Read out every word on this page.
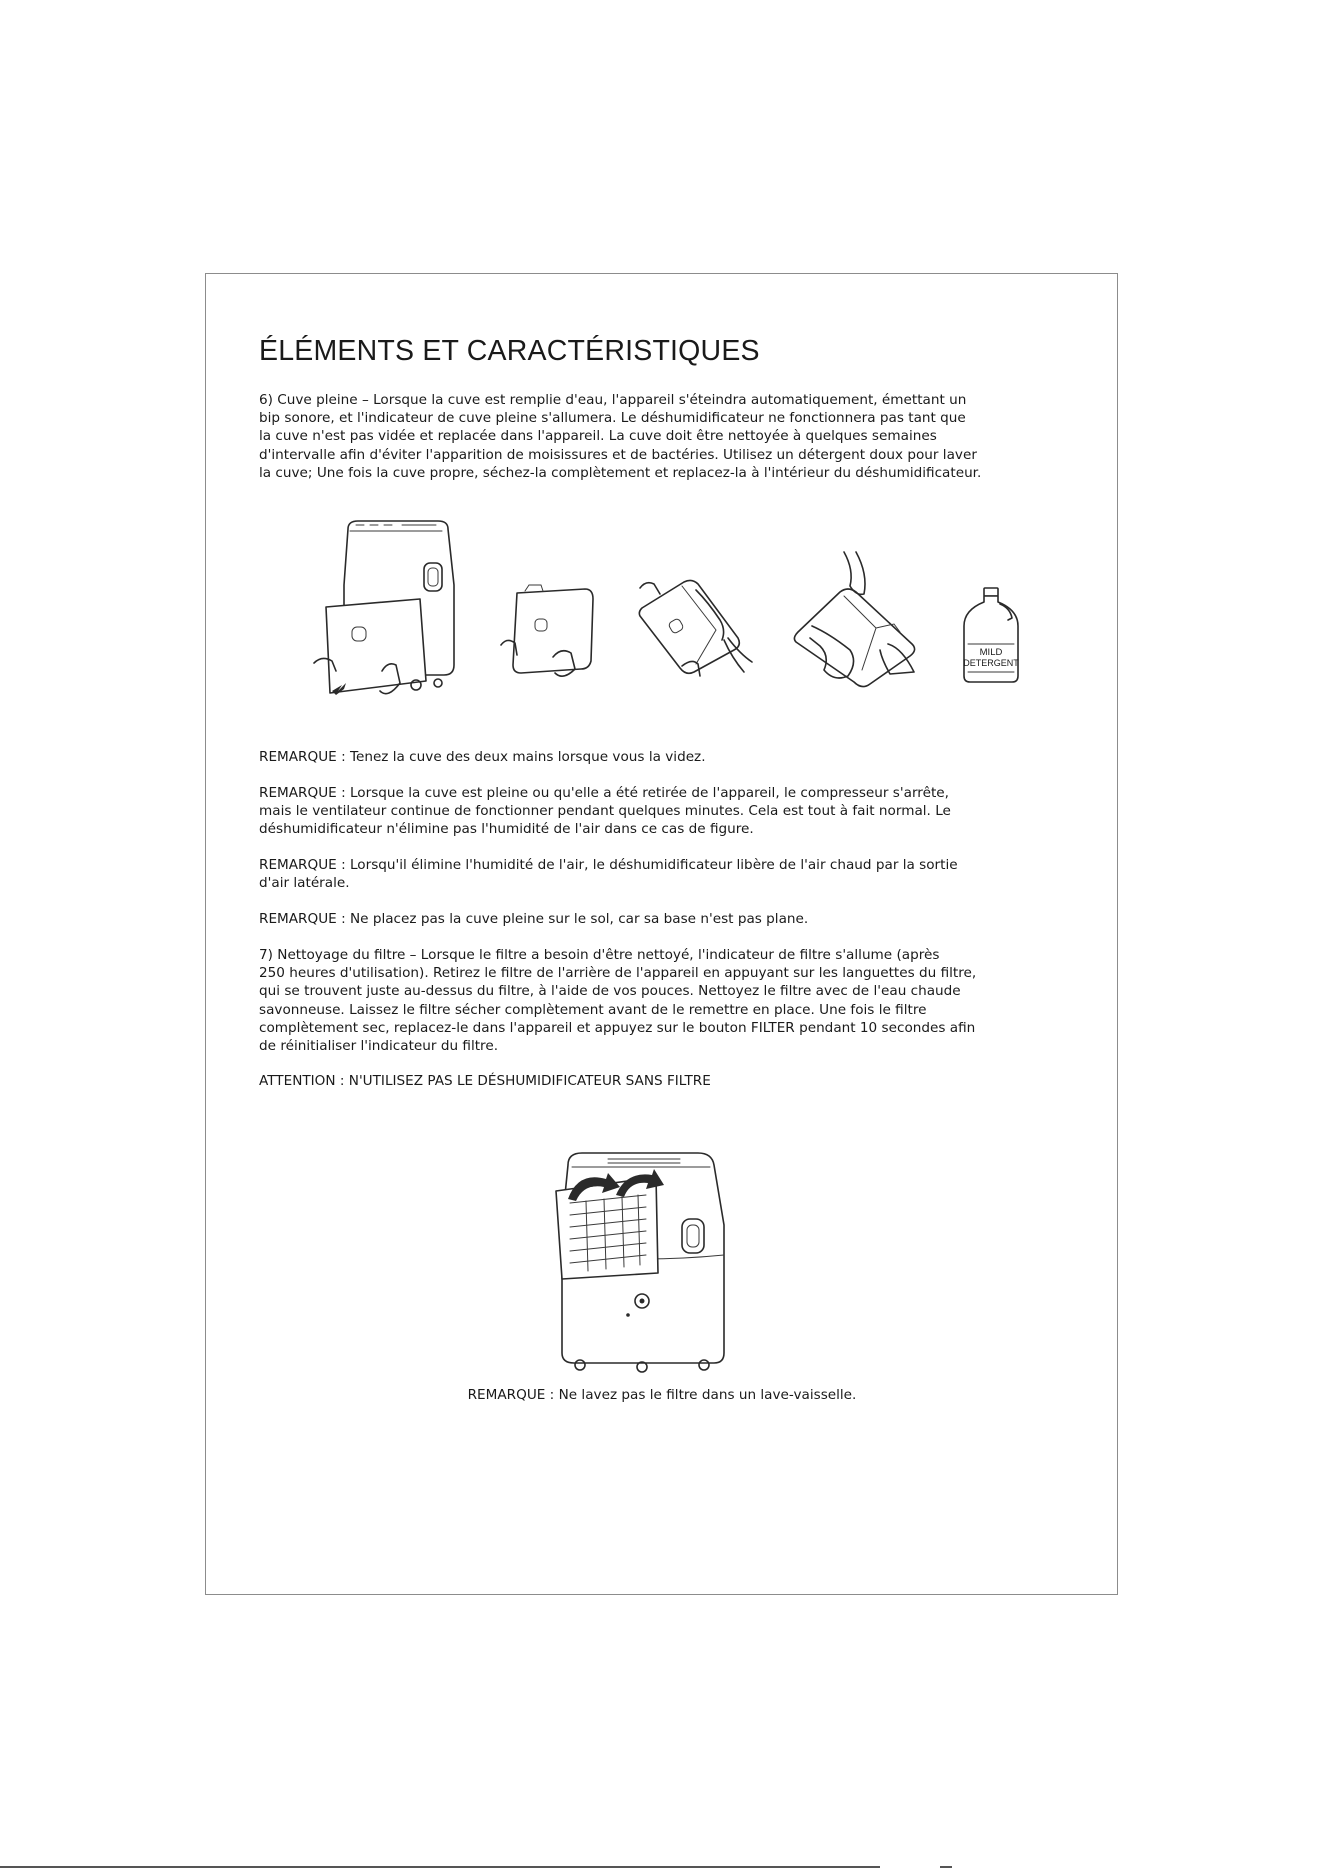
ÉLÉMENTS ET CARACTÉRISTIQUES

6) Cuve pleine – Lorsque la cuve est remplie d'eau, l'appareil s'éteindra automatiquement, émettant un
bip sonore, et l'indicateur de cuve pleine s'allumera. Le déshumidificateur ne fonctionnera pas tant que
la cuve n'est pas vidée et replacée dans l'appareil. La cuve doit être nettoyée à quelques semaines
d'intervalle afin d'éviter l'apparition de moisissures et de bactéries. Utilisez un détergent doux pour laver
la cuve; Une fois la cuve propre, séchez-la complètement et replacez-la à l'intérieur du déshumidificateur.

MILD
DETERGENT

REMARQUE : Tenez la cuve des deux mains lorsque vous la videz.

REMARQUE : Lorsque la cuve est pleine ou qu'elle a été retirée de l'appareil, le compresseur s'arrête,
mais le ventilateur continue de fonctionner pendant quelques minutes. Cela est tout à fait normal. Le
déshumidificateur n'élimine pas l'humidité de l'air dans ce cas de figure.

REMARQUE : Lorsqu'il élimine l'humidité de l'air, le déshumidificateur libère de l'air chaud par la sortie
d'air latérale.

REMARQUE : Ne placez pas la cuve pleine sur le sol, car sa base n'est pas plane.

7) Nettoyage du filtre – Lorsque le filtre a besoin d'être nettoyé, l'indicateur de filtre s'allume (après
250 heures d'utilisation). Retirez le filtre de l'arrière de l'appareil en appuyant sur les languettes du filtre,
qui se trouvent juste au-dessus du filtre, à l'aide de vos pouces. Nettoyez le filtre avec de l'eau chaude
savonneuse. Laissez le filtre sécher complètement avant de le remettre en place. Une fois le filtre
complètement sec, replacez-le dans l'appareil et appuyez sur le bouton FILTER pendant 10 secondes afin
de réinitialiser l'indicateur du filtre.

ATTENTION : N'UTILISEZ PAS LE DÉSHUMIDIFICATEUR SANS FILTRE

REMARQUE : Ne lavez pas le filtre dans un lave-vaisselle.
